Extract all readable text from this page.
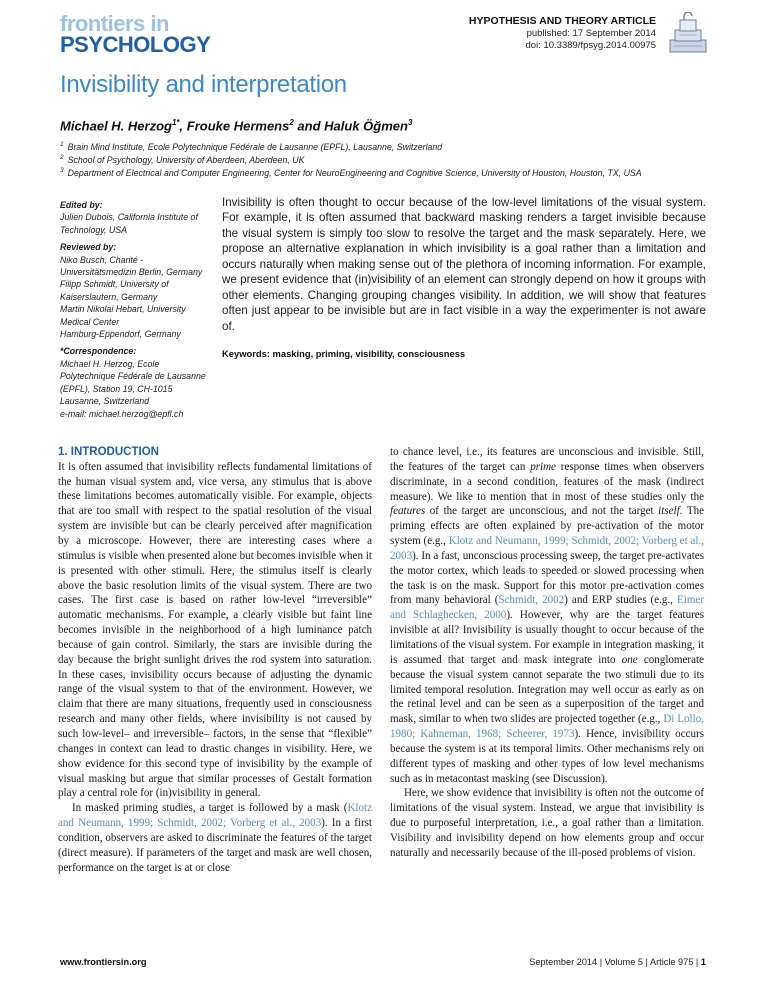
frontiers in
PSYCHOLOGY
HYPOTHESIS AND THEORY ARTICLE
published: 17 September 2014
doi: 10.3389/fpsyg.2014.00975
Invisibility and interpretation
Michael H. Herzog$^{1*}$, Frouke Hermens$^2$ and Haluk Öğmen$^3$
$^1$ Brain Mind Institute, Ecole Polytechnique Fédérale de Lausanne (EPFL), Lausanne, Switzerland
$^2$ School of Psychology, University of Aberdeen, Aberdeen, UK
$^3$ Department of Electrical and Computer Engineering, Center for NeuroEngineering and Cognitive Science, University of Houston, Houston, TX, USA

Edited by:

Julien Dubois, California Institute of
Technology, USA

Reviewed by:

Niko Busch, Charité -
Universitätsmedizin Berlin, Germany
Filipp Schmidt, University of
Kaiserslautern, Germany
Martin Nikolai Hebart, University
Medical Center
Hamburg-Eppendorf, Germany

*Correspondence:

Michael H. Herzog, Ecole
Polytechnique Fédérale de Lausanne
(EPFL), Station 19, CH-1015
Lausanne, Switzerland
e-mail: michael.herzog@epfl.ch

Invisibility is often thought to occur because of the low-level limitations of the visual system. For example, it is often assumed that backward masking renders a target invisible because the visual system is simply too slow to resolve the target and the mask separately. Here, we propose an alternative explanation in which invisibility is a goal rather than a limitation and occurs naturally when making sense out of the plethora of incoming information. For example, we present evidence that (in)visibility of an element can strongly depend on how it groups with other elements. Changing grouping changes visibility. In addition, we will show that features often just appear to be invisible but are in fact visible in a way the experimenter is not aware of.

Keywords: masking, priming, visibility, consciousness

1. INTRODUCTION

It is often assumed that invisibility reflects fundamental limitations of the human visual system and, vice versa, any stimulus that is above these limitations becomes automatically visible. For example, objects that are too small with respect to the spatial resolution of the visual system are invisible but can be clearly perceived after magnification by a microscope. However, there are interesting cases where a stimulus is visible when presented alone but becomes invisible when it is presented with other stimuli. Here, the stimulus itself is clearly above the basic resolution limits of the visual system. There are two cases. The first case is based on rather low-level “irreversible” automatic mechanisms. For example, a clearly visible but faint line becomes invisible in the neighborhood of a high luminance patch because of gain control. Similarly, the stars are invisible during the day because the bright sunlight drives the rod system into saturation. In these cases, invisibility occurs because of adjusting the dynamic range of the visual system to that of the environment. However, we claim that there are many situations, frequently used in consciousness research and many other fields, where invisibility is not caused by such low-level– and irreversible– factors, in the sense that “flexible” changes in context can lead to drastic changes in visibility. Here, we show evidence for this second type of invisibility by the example of visual masking but argue that similar processes of Gestalt formation play a central role for (in)visibility in general.

In masked priming studies, a target is followed by a mask (Klotz and Neumann, 1999; Schmidt, 2002; Vorberg et al., 2003). In a first condition, observers are asked to discriminate the features of the target (direct measure). If parameters of the target and mask are well chosen, performance on the target is at or close

to chance level, i.e., its features are unconscious and invisible. Still, the features of the target can prime response times when observers discriminate, in a second condition, features of the mask (indirect measure). We like to mention that in most of these studies only the features of the target are unconscious, and not the target itself. The priming effects are often explained by pre-activation of the motor system (e.g., Klotz and Neumann, 1999; Schmidt, 2002; Vorberg et al., 2003). In a fast, unconscious processing sweep, the target pre-activates the motor cortex, which leads to speeded or slowed processing when the task is on the mask. Support for this motor pre-activation comes from many behavioral (Schmidt, 2002) and ERP studies (e.g., Eimer and Schlaghecken, 2000). However, why are the target features invisible at all? Invisibility is usually thought to occur because of the limitations of the visual system. For example in integration masking, it is assumed that target and mask integrate into one conglomerate because the visual system cannot separate the two stimuli due to its limited temporal resolution. Integration may well occur as early as on the retinal level and can be seen as a superposition of the target and mask, similar to when two slides are projected together (e.g., Di Lollo, 1980; Kahneman, 1968; Scheerer, 1973). Hence, invisibility occurs because the system is at its temporal limits. Other mechanisms rely on different types of masking and other types of low level mechanisms such as in metacontast masking (see Discussion).

Here, we show evidence that invisibility is often not the outcome of limitations of the visual system. Instead, we argue that invisibility is due to purposeful interpretation, i.e., a goal rather than a limitation. Visibility and invisibility depend on how elements group and occur naturally and necessarily because of the ill-posed problems of vision.

www.frontiersin.org	September 2014 | Volume 5 | Article 975 | 1
